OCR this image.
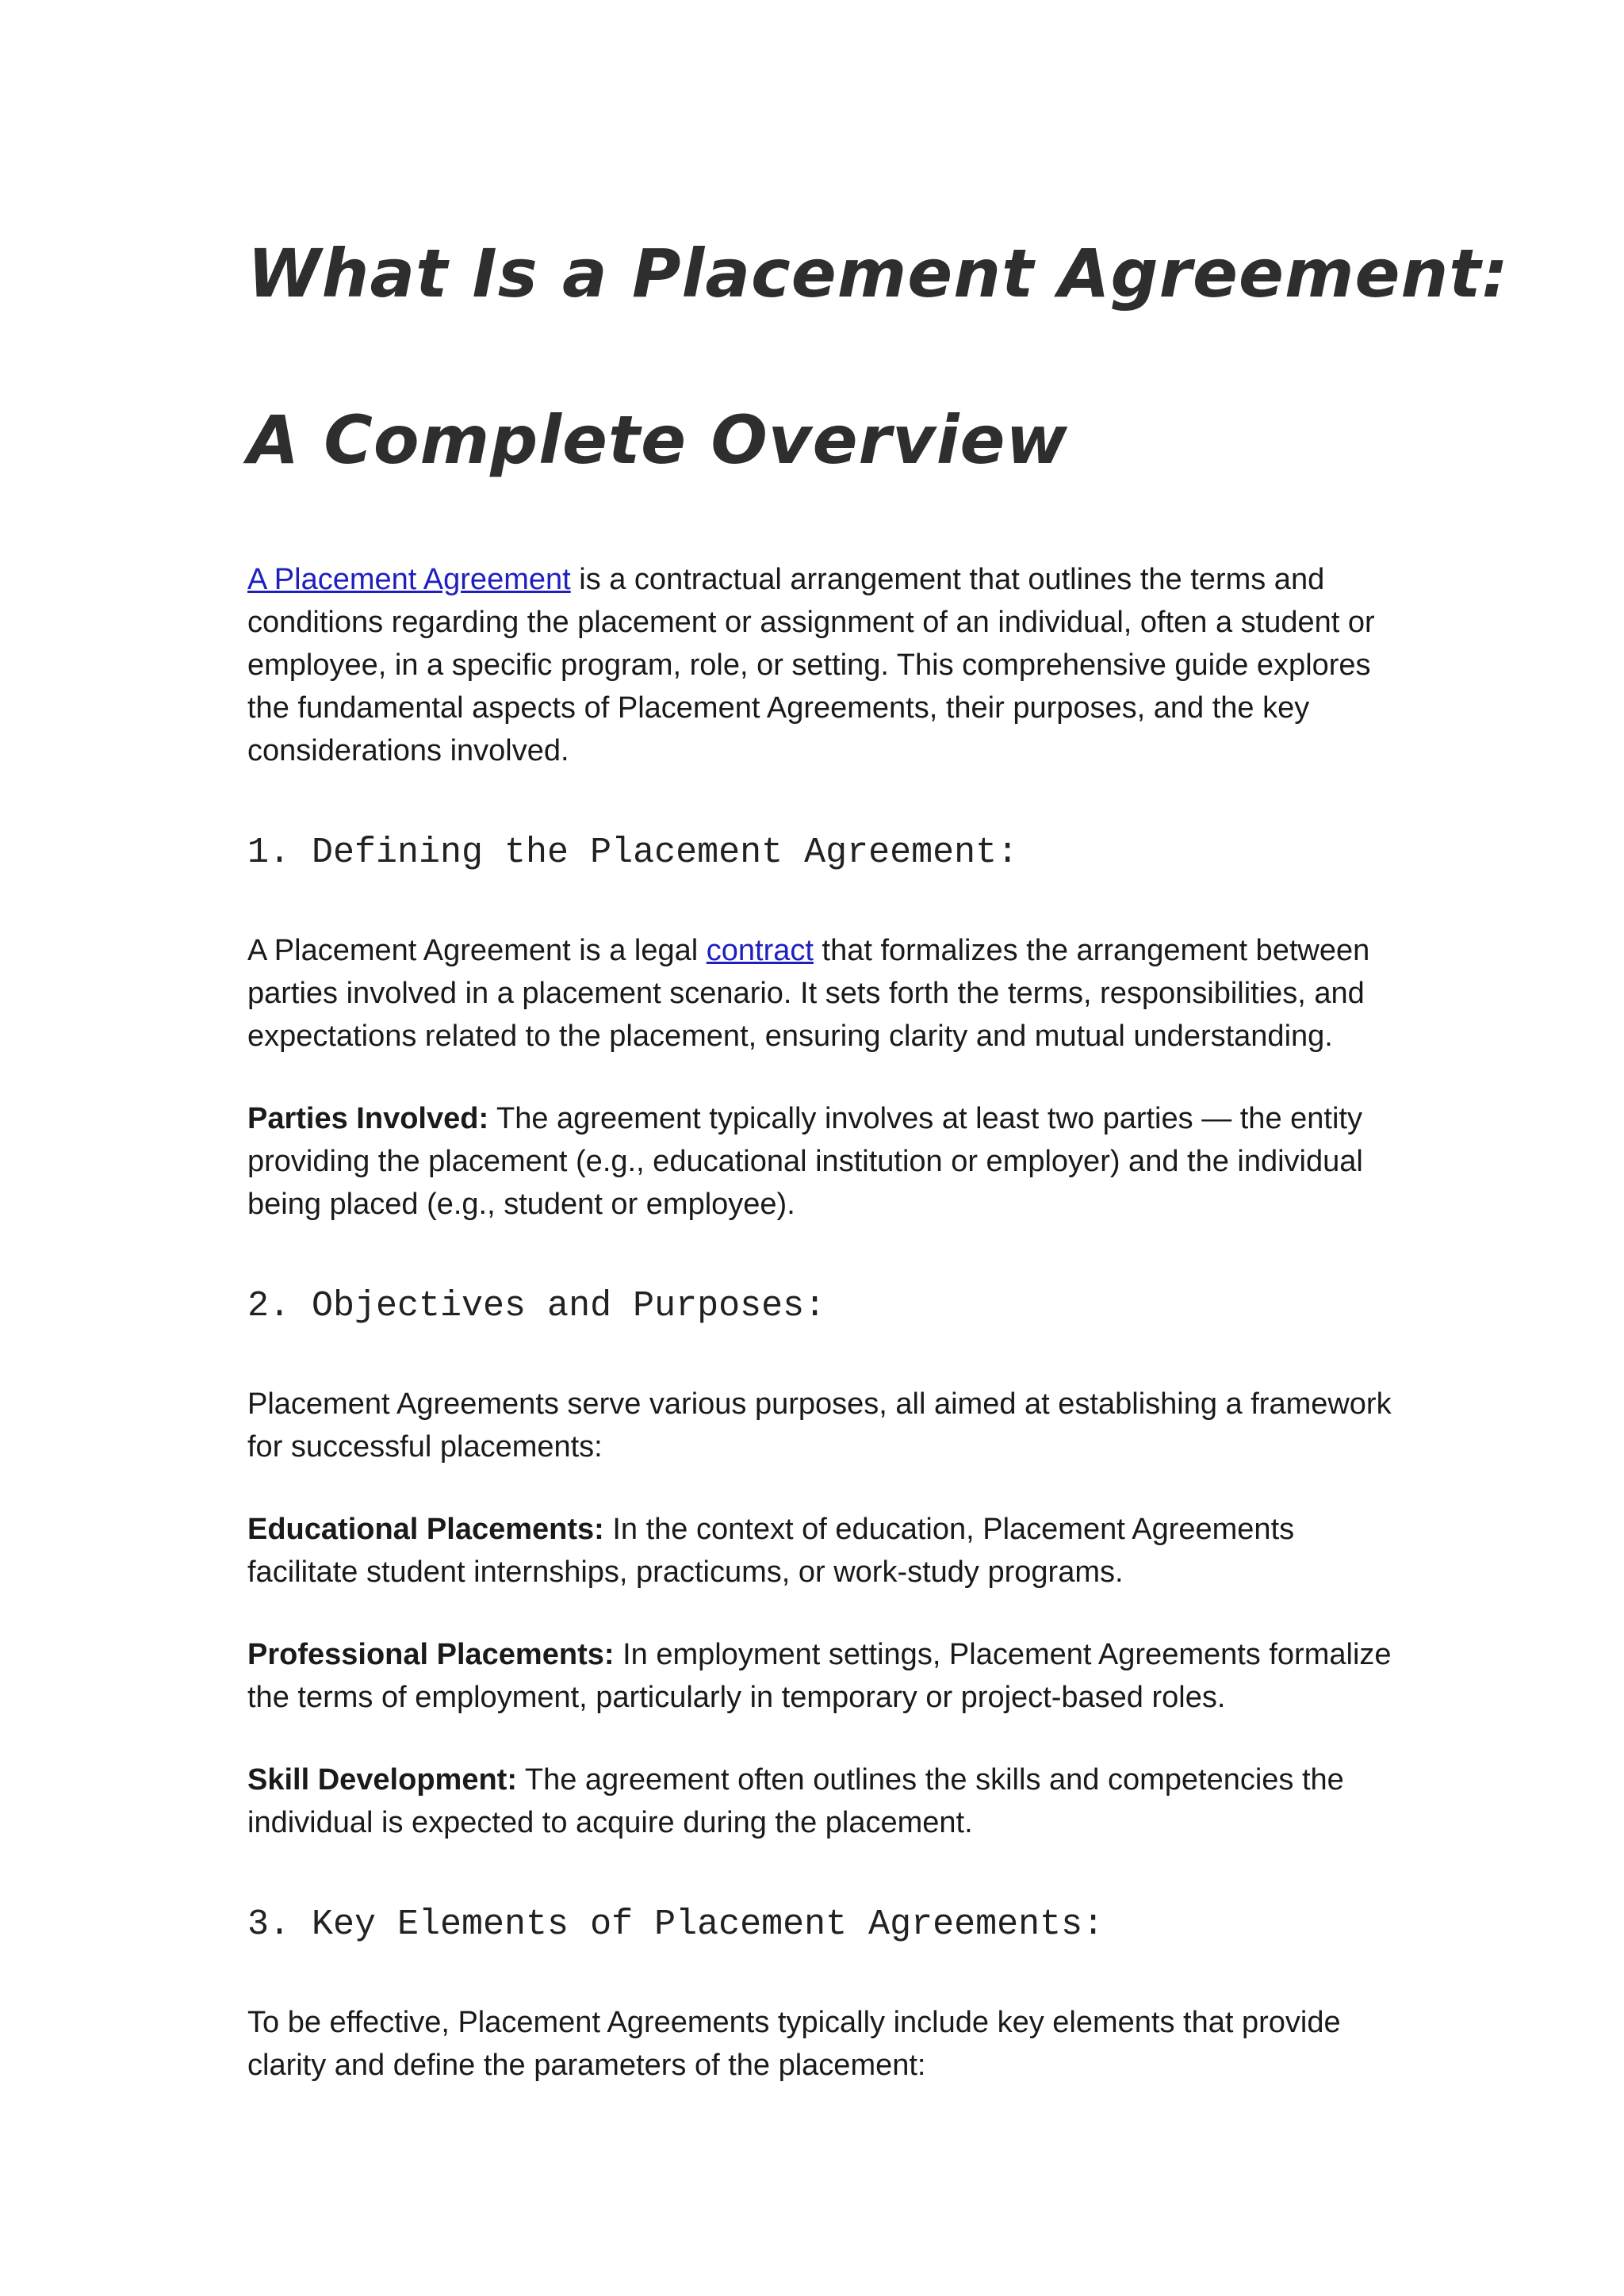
What Is a Placement Agreement:
A Complete Overview

A Placement Agreement is a contractual arrangement that outlines the terms and conditions regarding the placement or assignment of an individual, often a student or employee, in a specific program, role, or setting. This comprehensive guide explores the fundamental aspects of Placement Agreements, their purposes, and the key considerations involved.

1. Defining the Placement Agreement:

A Placement Agreement is a legal contract that formalizes the arrangement between parties involved in a placement scenario. It sets forth the terms, responsibilities, and expectations related to the placement, ensuring clarity and mutual understanding.

Parties Involved: The agreement typically involves at least two parties — the entity providing the placement (e.g., educational institution or employer) and the individual being placed (e.g., student or employee).

2. Objectives and Purposes:

Placement Agreements serve various purposes, all aimed at establishing a framework for successful placements:

Educational Placements: In the context of education, Placement Agreements facilitate student internships, practicums, or work-study programs.

Professional Placements: In employment settings, Placement Agreements formalize the terms of employment, particularly in temporary or project-based roles.

Skill Development: The agreement often outlines the skills and competencies the individual is expected to acquire during the placement.

3. Key Elements of Placement Agreements:

To be effective, Placement Agreements typically include key elements that provide clarity and define the parameters of the placement:
